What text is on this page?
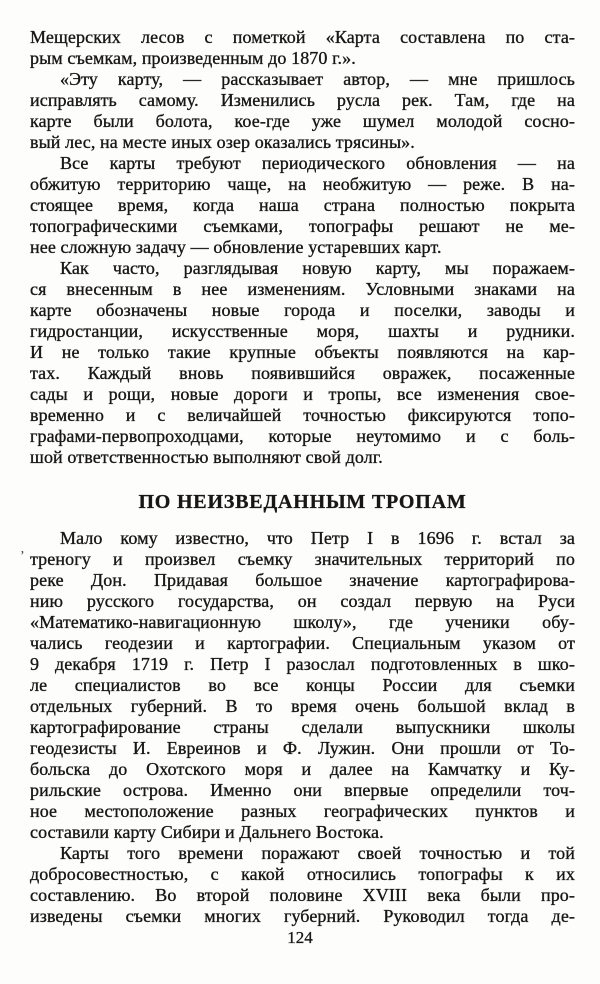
Мещерских лесов с пометкой «Карта составлена по ста-
рым съемкам, произведенным до 1870 г.».
«Эту карту, — рассказывает автор, — мне пришлось
исправлять самому. Изменились русла рек. Там, где на
карте были болота, кое-где уже шумел молодой сосно-
вый лес, на месте иных озер оказались трясины».
Все карты требуют периодического обновления — на
обжитую территорию чаще, на необжитую — реже. В на-
стоящее время, когда наша страна полностью покрыта
топографическими съемками, топографы решают не ме-
нее сложную задачу — обновление устаревших карт.
Как часто, разглядывая новую карту, мы поражаем-
ся внесенным в нее изменениям. Условными знаками на
карте обозначены новые города и поселки, заводы и
гидростанции, искусственные моря, шахты и рудники.
И не только такие крупные объекты появляются на кар-
тах. Каждый вновь появившийся овражек, посаженные
сады и рощи, новые дороги и тропы, все изменения свое-
временно и с величайшей точностью фиксируются топо-
графами-первопроходцами, которые неутомимо и с боль-
шой ответственностью выполняют свой долг.
ПО НЕИЗВЕДАННЫМ ТРОПАМ
Мало кому известно, что Петр I в 1696 г. встал за
треногу и произвел съемку значительных территорий по
реке Дон. Придавая большое значение картографирова-
нию русского государства, он создал первую на Руси
«Математико-навигационную школу», где ученики обу-
чались геодезии и картографии. Специальным указом от
9 декабря 1719 г. Петр I разослал подготовленных в шко-
ле специалистов во все концы России для съемки
отдельных губерний. В то время очень большой вклад в
картографирование страны сделали выпускники школы
геодезисты И. Евреинов и Ф. Лужин. Они прошли от То-
больска до Охотского моря и далее на Камчатку и Ку-
рильские острова. Именно они впервые определили точ-
ное местоположение разных географических пунктов и
составили карту Сибири и Дальнего Востока.
Карты того времени поражают своей точностью и той
добросовестностью, с какой относились топографы к их
составлению. Во второй половине XVIII века были про-
изведены съемки многих губерний. Руководил тогда де-
’
124
